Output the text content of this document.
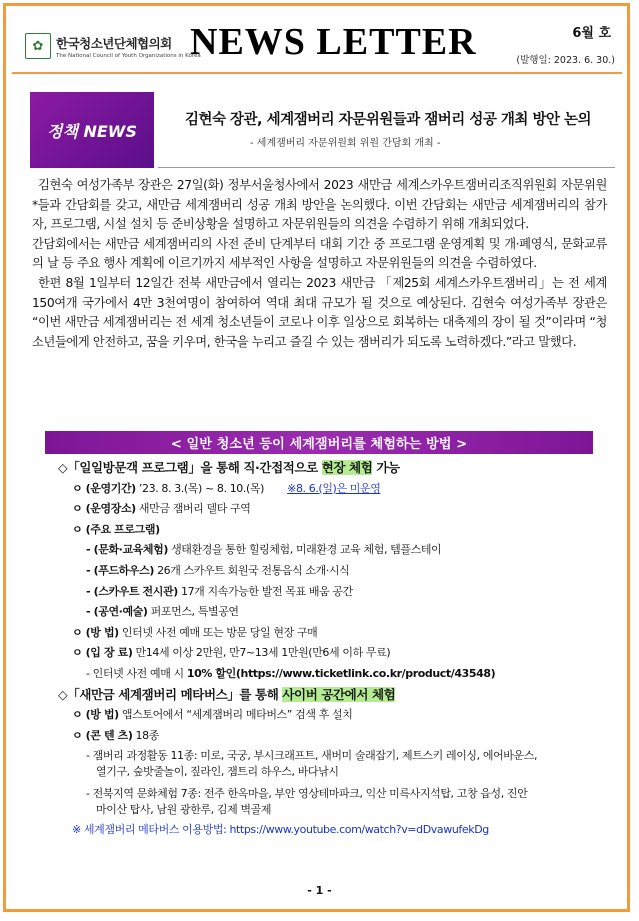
✿	한국청소년단체협의회
The National Council of Youth Organizations in Korea
NEWS LETTER	6월 호
(발행일: 2023. 6. 30.)
정책 NEWS
김현숙 장관, 세계잼버리 자문위원들과 잼버리 성공 개최 방안 논의
- 세계잼버리 자문위원회 위원 간담회 개최 -

김현숙 여성가족부 장관은 27일(화) 정부서울청사에서 2023 새만금 세계스카우트잼버리조직위원회 자문위원*들과 간담회를 갖고, 새만금 세계잼버리 성공 개최 방안을 논의했다. 이번 간담회는 새만금 세계잼버리의 참가자, 프로그램, 시설 설치 등 준비상황을 설명하고 자문위원들의 의견을 수렴하기 위해 개최되었다.

간담회에서는 새만금 세계잼버리의 사전 준비 단계부터 대회 기간 중 프로그램 운영계획 및 개·폐영식, 문화교류의 날 등 주요 행사 계획에 이르기까지 세부적인 사항을 설명하고 자문위원들의 의견을 수렴하였다.

한편 8월 1일부터 12일간 전북 새만금에서 열리는 2023 새만금 「제25회 세계스카우트잼버리」는 전 세계 150여개 국가에서 4만 3천여명이 참여하여 역대 최대 규모가 될 것으로 예상된다. 김현숙 여성가족부 장관은 “이번 새만금 세계잼버리는 전 세계 청소년들이 코로나 이후 일상으로 회복하는 대축제의 장이 될 것”이라며 “청소년들에게 안전하고, 꿈을 키우며, 한국을 누리고 즐길 수 있는 잼버리가 되도록 노력하겠다.”라고 말했다.

< 일반 청소년 등이 세계잼버리를 체험하는 방법 >
◇「일일방문객 프로그램」을 통해 직·간접적으로 현장 체험 가능
ㅇ (운영기간) ’23. 8. 3.(목) ~ 8. 10.(목) ※8. 6.(일)은 미운영
ㅇ (운영장소) 새만금 잼버리 델타 구역
ㅇ (주요 프로그램)
- (문화·교육체험) 생태환경을 통한 힐링체험, 미래환경 교육 체험, 템플스테이
- (푸드하우스) 26개 스카우트 회원국 전통음식 소개·시식
- (스카우트 전시관) 17개 지속가능한 발전 목표 배움 공간
- (공연·예술) 퍼포먼스, 특별공연
ㅇ (방 법) 인터넷 사전 예매 또는 방문 당일 현장 구매
ㅇ (입 장 료) 만14세 이상 2만원, 만7~13세 1만원(만6세 이하 무료)
- 인터넷 사전 예매 시 10% 할인(https://www.ticketlink.co.kr/product/43548)
◇「새만금 세계잼버리 메타버스」를 통해 사이버 공간에서 체험
ㅇ (방 법) 앱스토어에서 “세계잼버리 메타버스” 검색 후 설치
ㅇ (콘 텐 츠) 18종
- 잼버리 과정활동 11종: 미로, 국궁, 부시크래프트, 새버미 술래잡기, 제트스키 레이싱, 에어바운스,
열기구, 숲밧줄놀이, 짚라인, 잼트리 하우스, 바다낚시
- 전북지역 문화체험 7종: 전주 한옥마을, 부안 영상테마파크, 익산 미륵사지석탑, 고창 읍성, 진안
마이산 탑사, 남원 광한루, 김제 벽골제
※ 세계잼버리 메타버스 이용방법: https://www.youtube.com/watch?v=dDvawufekDg
- 1 -
